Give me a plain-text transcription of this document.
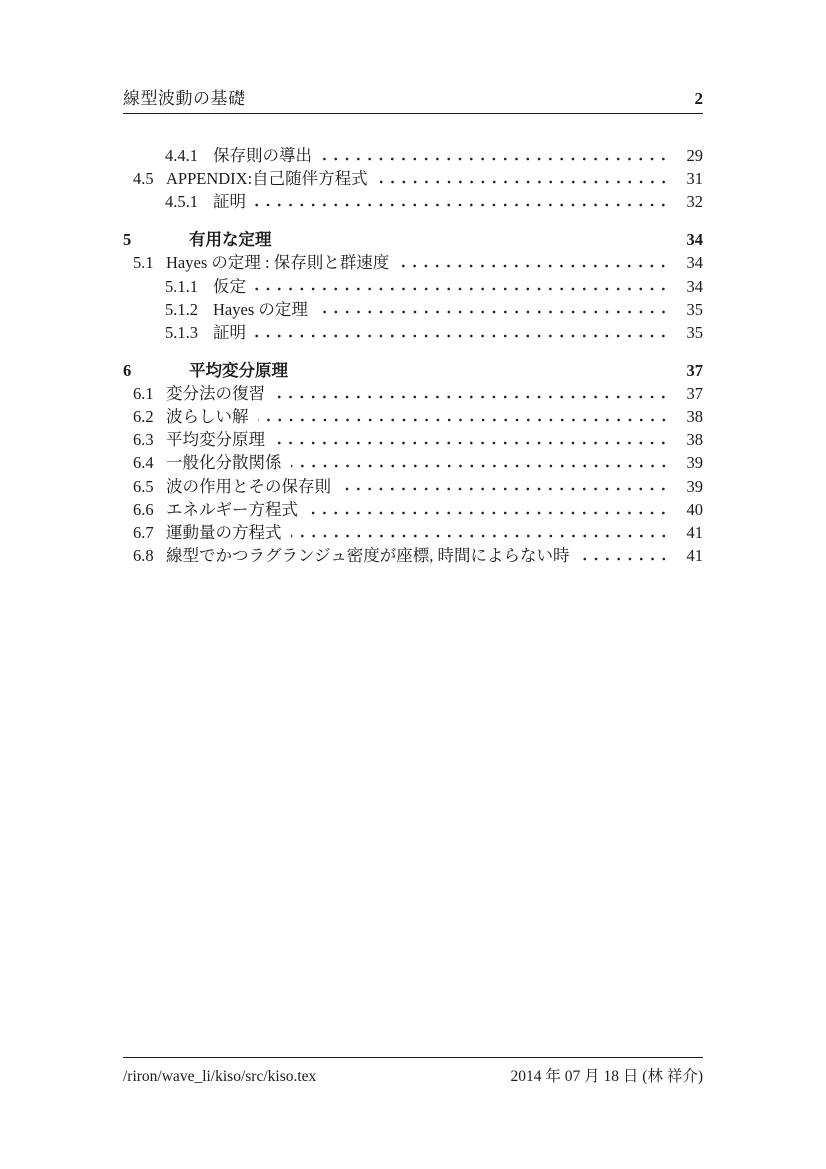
線型波動の基礎	2
4.4.1 保存則の導出	29
4.5 APPENDIX:自己随伴方程式	31
4.5.1 証明	32
5	有用な定理	34
5.1 Hayes の定理 : 保存則と群速度	34
5.1.1 仮定	34
5.1.2 Hayes の定理	35
5.1.3 証明	35
6	平均変分原理	37
6.1 変分法の復習	37
6.2 波らしい解	38
6.3 平均変分原理	38
6.4 一般化分散関係	39
6.5 波の作用とその保存則	39
6.6 エネルギー方程式	40
6.7 運動量の方程式	41
6.8 線型でかつラグランジュ密度が座標, 時間によらない時	41
/riron/wave_li/kiso/src/kiso.tex	2014 年 07 月 18 日 (林 祥介)
